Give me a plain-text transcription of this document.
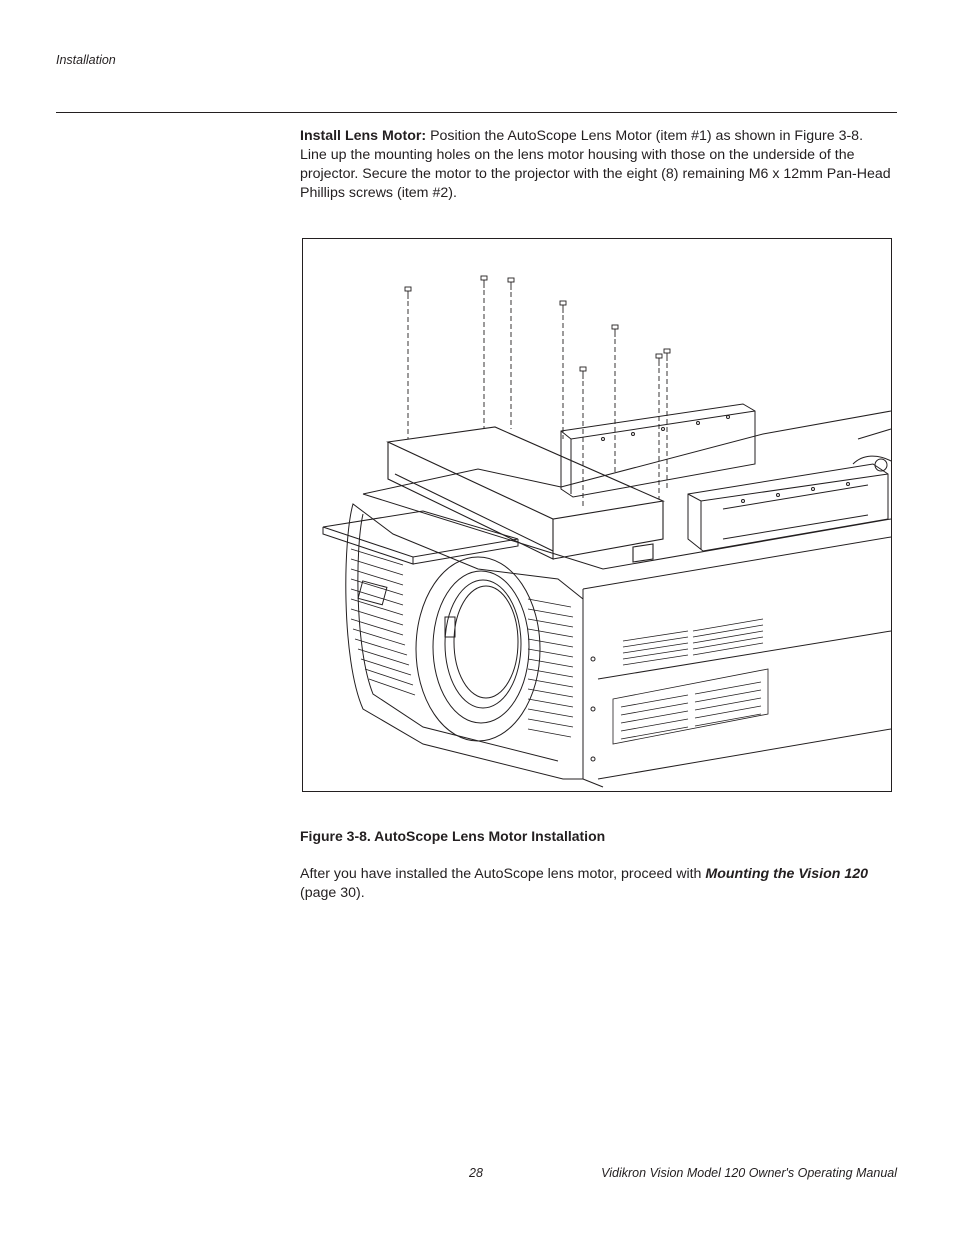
Installation
Install Lens Motor: Position the AutoScope Lens Motor (item #1) as shown in Figure 3-8. Line up the mounting holes on the lens motor housing with those on the underside of the projector. Secure the motor to the projector with the eight (8) remaining M6 x 12mm Pan-Head Phillips screws (item #2).
Figure 3-8. AutoScope Lens Motor Installation
After you have installed the AutoScope lens motor, proceed with Mounting the Vision 120 (page 30).
28	Vidikron Vision Model 120 Owner's Operating Manual
